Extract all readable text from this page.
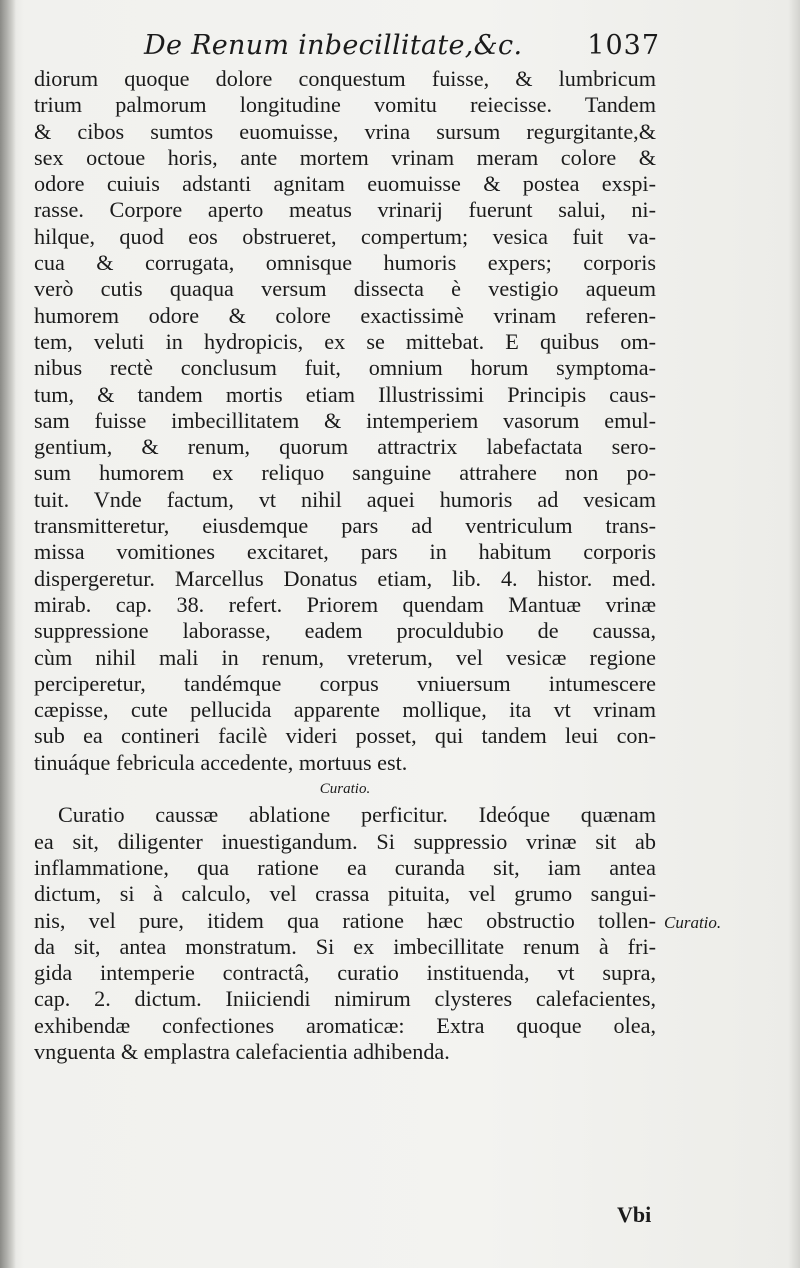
De Renum inbecillitate,&c. 1037
diorum quoque dolore conquestum fuisse, & lumbricum
trium palmorum longitudine vomitu reiecisse. Tandem
& cibos sumtos euomuisse, vrina sursum regurgitante,&
sex octoue horis, ante mortem vrinam meram colore &
odore cuiuis adstanti agnitam euomuisse & postea exspi-
rasse. Corpore aperto meatus vrinarij fuerunt salui, ni-
hilque, quod eos obstrueret, compertum; vesica fuit va-
cua & corrugata, omnisque humoris expers; corporis
verò cutis quaqua versum dissecta è vestigio aqueum
humorem odore & colore exactissimè vrinam referen-
tem, veluti in hydropicis, ex se mittebat. E quibus om-
nibus rectè conclusum fuit, omnium horum symptoma-
tum, & tandem mortis etiam Illustrissimi Principis caus-
sam fuisse imbecillitatem & intemperiem vasorum emul-
gentium, & renum, quorum attractrix labefactata sero-
sum humorem ex reliquo sanguine attrahere non po-
tuit. Vnde factum, vt nihil aquei humoris ad vesicam
transmitteretur, eiusdemque pars ad ventriculum trans-
missa vomitiones excitaret, pars in habitum corporis
dispergeretur. Marcellus Donatus etiam, lib. 4. histor. med.
mirab. cap. 38. refert. Priorem quendam Mantuæ vrinæ
suppressione laborasse, eadem proculdubio de caussa,
cùm nihil mali in renum, vreterum, vel vesicæ regione
perciperetur, tandémque corpus vniuersum intumescere
cæpisse, cute pellucida apparente mollique, ita vt vrinam
sub ea contineri facilè videri posset, qui tandem leui con-
tinuáque febricula accedente, mortuus est.
Curatio.
Curatio caussæ ablatione perficitur. Ideóque quænam
ea sit, diligenter inuestigandum. Si suppressio vrinæ sit ab
inflammatione, qua ratione ea curanda sit, iam antea
dictum, si à calculo, vel crassa pituita, vel grumo sangui-
nis, vel pure, itidem qua ratione hæc obstructio tollen-
da sit, antea monstratum. Si ex imbecillitate renum à fri-
gida intemperie contractâ, curatio instituenda, vt supra,
cap. 2. dictum. Iniiciendi nimirum clysteres calefacientes,
exhibendæ confectiones aromaticæ: Extra quoque olea,
vnguenta & emplastra calefacientia adhibenda.
Curatio.
Vbi
